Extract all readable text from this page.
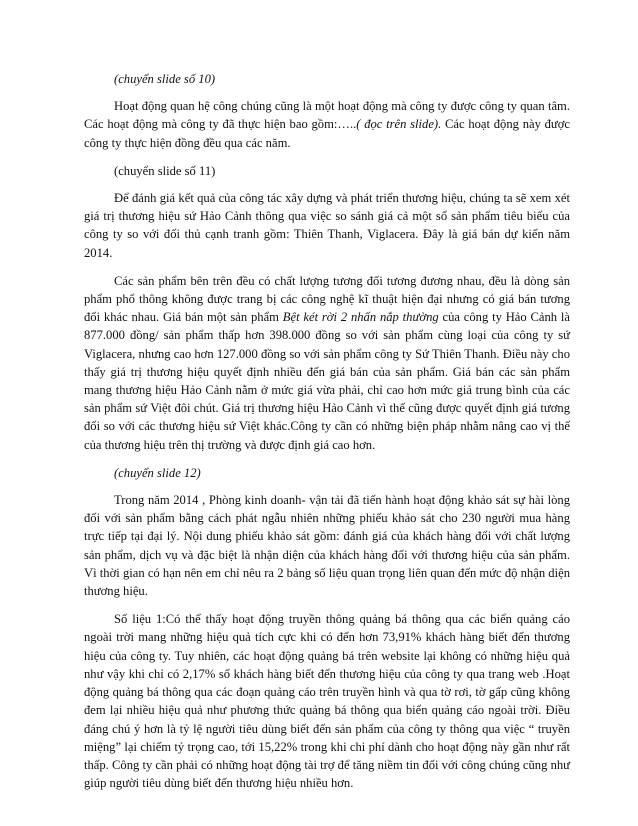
(chuyển slide số 10)

Hoạt động quan hệ công chúng cũng là một hoạt động mà công ty được công ty quan tâm. Các hoạt động mà công ty đã thực hiện bao gồm:…..( đọc trên slide). Các hoạt động này được công ty thực hiện đồng đều qua các năm.

(chuyển slide số 11)

Để đánh giá kết quả của công tác xây dựng và phát triển thương hiệu, chúng ta sẽ xem xét giá trị thương hiệu sứ Hảo Cảnh thông qua việc so sánh giá cả một số sản phẩm tiêu biểu của công ty so với đối thủ cạnh tranh gồm: Thiên Thanh, Viglacera. Đây là giá bán dự kiến năm 2014.

Các sản phẩm bên trên đều có chất lượng tương đối tương đương nhau, đều là dòng sản phẩm phổ thông không được trang bị các công nghệ kĩ thuật hiện đại nhưng có giá bán tương đối khác nhau. Giá bán một sản phẩm Bệt két rời 2 nhấn nắp thường của công ty Hảo Cảnh là 877.000 đồng/ sản phẩm thấp hơn 398.000 đồng so với sản phẩm cùng loại của công ty sứ Viglacera, nhưng cao hơn 127.000 đồng so với sản phẩm công ty Sứ Thiên Thanh. Điều này cho thấy giá trị thương hiệu quyết định nhiều đến giá bán của sản phẩm. Giá bán các sản phẩm mang thương hiệu Hảo Cảnh nằm ở mức giá vừa phải, chỉ cao hơn mức giá trung bình của các sản phẩm sứ Việt đôi chút. Giá trị thương hiệu Hảo Cảnh vì thế cũng được quyết định giá tương đối so với các thương hiệu sứ Việt khác.Công ty cần có những biện pháp nhằm nâng cao vị thế của thương hiệu trên thị trường và được định giá cao hơn.

(chuyển slide 12)

Trong năm 2014 , Phòng kinh doanh- vận tải đã tiến hành hoạt động khảo sát sự hài lòng đối với sản phẩm bằng cách phát ngẫu nhiên những phiếu khảo sát cho 230 người mua hàng trực tiếp tại đại lý. Nội dung phiếu khảo sát gồm: đánh giá của khách hàng đối với chất lượng sản phẩm, dịch vụ và đặc biệt là nhận diện của khách hàng đối với thương hiệu của sản phẩm. Vì thời gian có hạn nên em chỉ nêu ra 2 bảng số liệu quan trọng liên quan đến mức độ nhận diện thương hiệu.

Số liệu 1:Có thể thấy hoạt động truyền thông quảng bá thông qua các biển quảng cáo ngoài trời mang những hiệu quả tích cực khi có đến hơn 73,91% khách hàng biết đến thương hiệu của công ty. Tuy nhiên, các hoạt động quảng bá trên website lại không có những hiệu quả như vậy khi chỉ có 2,17% số khách hàng biết đến thương hiệu của công ty qua trang web .Hoạt động quảng bá thông qua các đoạn quảng cáo trên truyền hình và qua tờ rơi, tờ gấp cũng không đem lại nhiều hiệu quả như phương thức quảng bá thông qua biển quảng cáo ngoài trời. Điều đáng chú ý hơn là tỷ lệ người tiêu dùng biết đến sản phẩm của công ty thông qua việc “ truyền miệng” lại chiếm tỷ trọng cao, tới 15,22% trong khi chi phí dành cho hoạt động này gần như rất thấp. Công ty cần phải có những hoạt động tài trợ để tăng niềm tin đối với công chúng cũng như giúp người tiêu dùng biết đến thương hiệu nhiều hơn.
